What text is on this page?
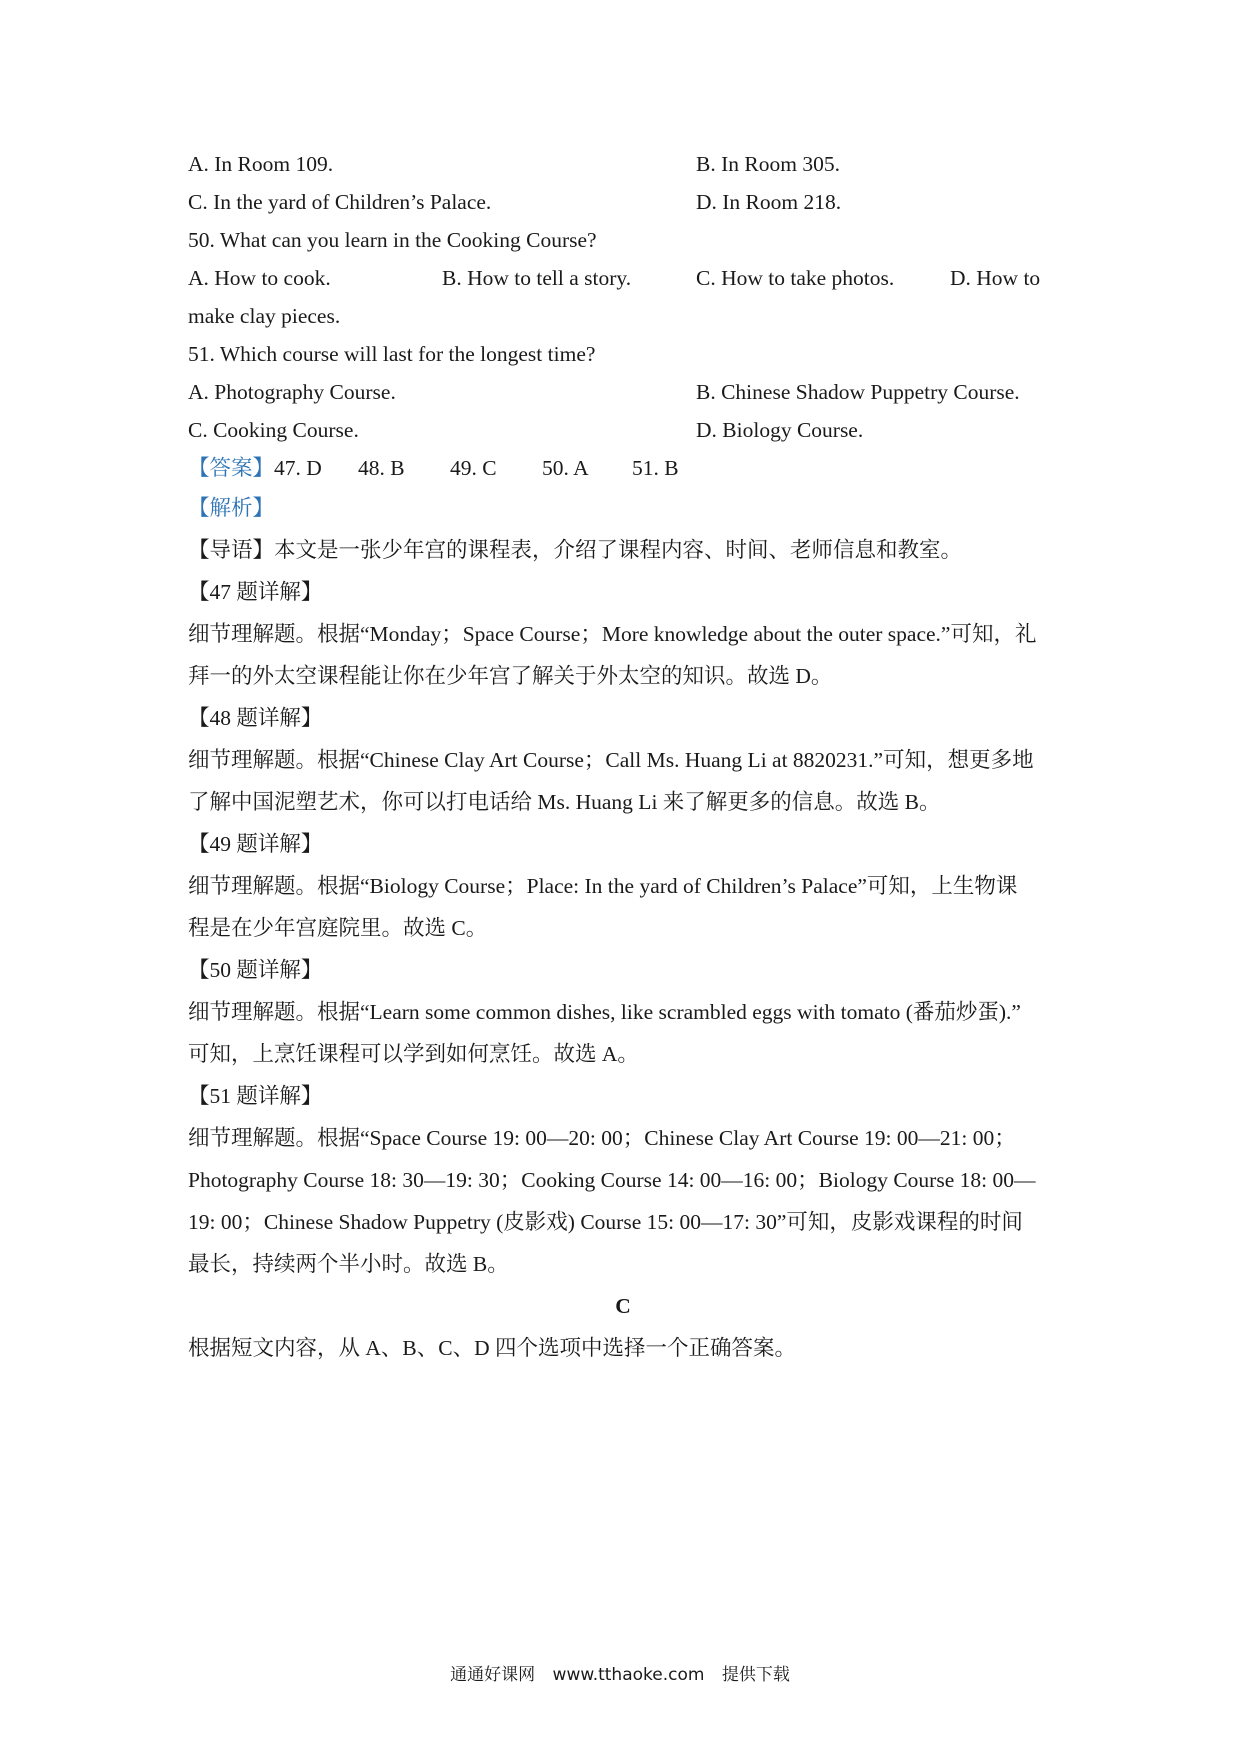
A. In Room 109.	B. In Room 305.
C. In the yard of Children’s Palace.	D. In Room 218.
50. What can you learn in the Cooking Course?
A. How to cook.	B. How to tell a story.	C. How to take photos.	D. How to
make clay pieces.
51. Which course will last for the longest time?
A. Photography Course.	B. Chinese Shadow Puppetry Course.
C. Cooking Course.	D. Biology Course.
【答案】 47. D	48. B	49. C	50. A	51. B
【解析】
【导语】本文是一张少年宫的课程表，介绍了课程内容、时间、老师信息和教室。
【47 题详解】
细节理解题。根据“Monday；Space Course；More knowledge about the outer space.”可知，礼
拜一的外太空课程能让你在少年宫了解关于外太空的知识。故选 D。
【48 题详解】
细节理解题。根据“Chinese Clay Art Course；Call Ms. Huang Li at 8820231.”可知，想更多地
了解中国泥塑艺术，你可以打电话给 Ms. Huang Li 来了解更多的信息。故选 B。
【49 题详解】
细节理解题。根据“Biology Course；Place: In the yard of Children’s Palace”可知，上生物课
程是在少年宫庭院里。故选 C。
【50 题详解】
细节理解题。根据“Learn some common dishes, like scrambled eggs with tomato (番茄炒蛋).”
可知，上烹饪课程可以学到如何烹饪。故选 A。
【51 题详解】
细节理解题。根据“Space Course 19: 00—20: 00；Chinese Clay Art Course 19: 00—21: 00；
Photography Course 18: 30—19: 30；Cooking Course 14: 00—16: 00；Biology Course 18: 00—
19: 00；Chinese Shadow Puppetry (皮影戏) Course 15: 00—17: 30”可知，皮影戏课程的时间
最长，持续两个半小时。故选 B。
C
根据短文内容，从 A、B、C、D 四个选项中选择一个正确答案。
通通好课网 www.tthaoke.com 提供下载
